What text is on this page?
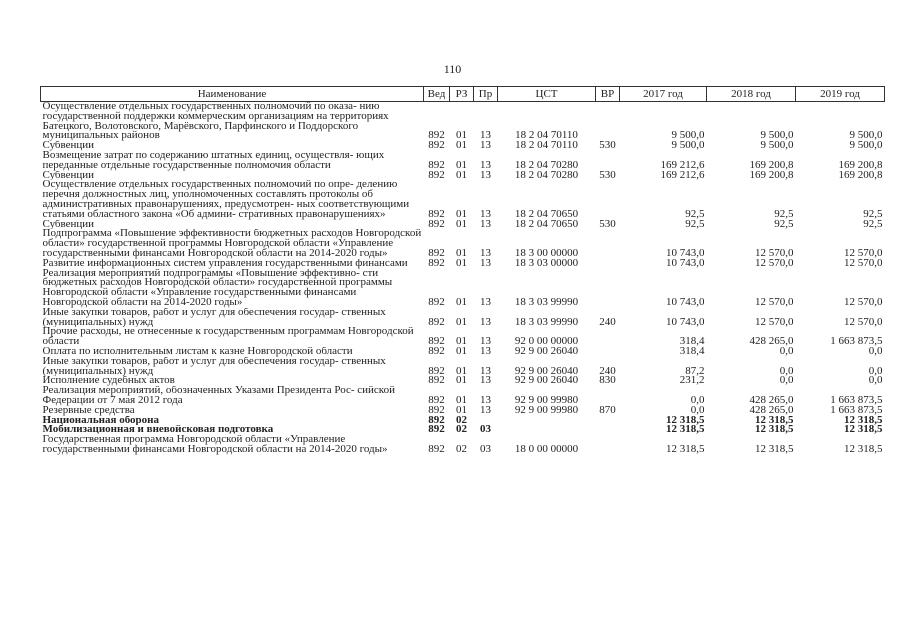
110
Наименование	Вед	РЗ	Пр	ЦСТ	ВР	2017 год	2018 год	2019 год
Осуществление отдельных государственных полномочий по оказа- нию государственной поддержки коммерческим организациям на территориях Батецкого, Волотовского, Марёвского, Парфинского и Поддорского муниципальных районов	892	01	13	18 2 04 70110		9 500,0	9 500,0	9 500,0
Субвенции	892	01	13	18 2 04 70110	530	9 500,0	9 500,0	9 500,0
Возмещение затрат по содержанию штатных единиц, осуществля- ющих переданные отдельные государственные полномочия области	892	01	13	18 2 04 70280		169 212,6	169 200,8	169 200,8
Субвенции	892	01	13	18 2 04 70280	530	169 212,6	169 200,8	169 200,8
Осуществление отдельных государственных полномочий по опре- делению перечня должностных лиц, уполномоченных составлять протоколы об административных правонарушениях, предусмотрен- ных соответствующими статьями областного закона «Об админи- стративных правонарушениях»	892	01	13	18 2 04 70650		92,5	92,5	92,5
Субвенции	892	01	13	18 2 04 70650	530	92,5	92,5	92,5
Подпрограмма «Повышение эффективности бюджетных расходов Новгородской области» государственной программы Новгородской области «Управление государственными финансами Новгородской области на 2014-2020 годы»	892	01	13	18 3 00 00000		10 743,0	12 570,0	12 570,0
Развитие информационных систем управления государственными финансами	892	01	13	18 3 03 00000		10 743,0	12 570,0	12 570,0
Реализация мероприятий подпрограммы «Повышение эффективно- сти бюджетных расходов Новгородской области» государственной программы Новгородской области «Управление государственными финансами Новгородской области на 2014-2020 годы»	892	01	13	18 3 03 99990		10 743,0	12 570,0	12 570,0
Иные закупки товаров, работ и услуг для обеспечения государ- ственных (муниципальных) нужд	892	01	13	18 3 03 99990	240	10 743,0	12 570,0	12 570,0
Прочие расходы, не отнесенные к государственным программам Новгородской области	892	01	13	92 0 00 00000		318,4	428 265,0	1 663 873,5
Оплата по исполнительным листам к казне Новгородской области	892	01	13	92 9 00 26040		318,4	0,0	0,0
Иные закупки товаров, работ и услуг для обеспечения государ- ственных (муниципальных) нужд	892	01	13	92 9 00 26040	240	87,2	0,0	0,0
Исполнение судебных актов	892	01	13	92 9 00 26040	830	231,2	0,0	0,0
Реализация мероприятий, обозначенных Указами Президента Рос- сийской Федерации от 7 мая 2012 года	892	01	13	92 9 00 99980		0,0	428 265,0	1 663 873,5
Резервные средства	892	01	13	92 9 00 99980	870	0,0	428 265,0	1 663 873,5
Национальная оборона	892	02				12 318,5	12 318,5	12 318,5
Мобилизационная и вневойсковая подготовка	892	02	03			12 318,5	12 318,5	12 318,5
Государственная программа Новгородской области «Управление государственными финансами Новгородской области на 2014-2020 годы»	892	02	03	18 0 00 00000		12 318,5	12 318,5	12 318,5
